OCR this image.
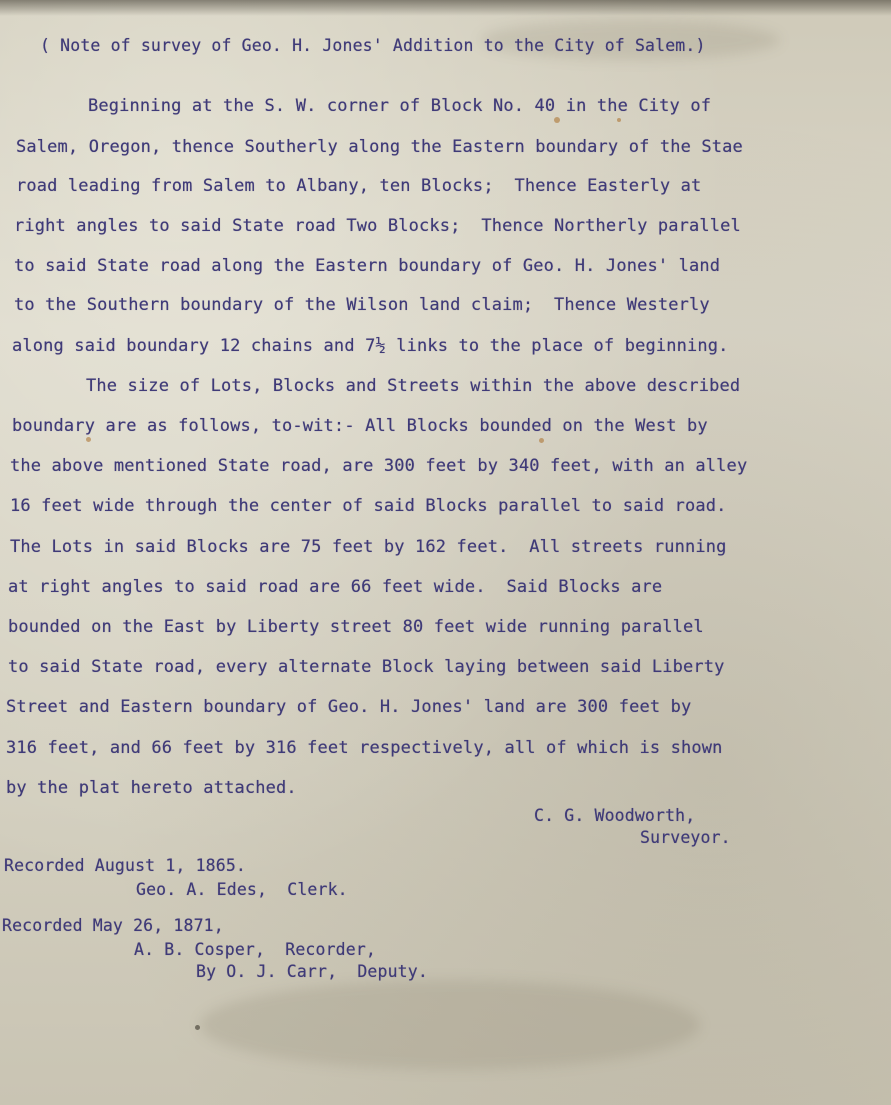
( Note of survey of Geo. H. Jones' Addition to the City of Salem.)
Beginning at the S. W. corner of Block No. 40 in the City of
Salem, Oregon, thence Southerly along the Eastern boundary of the Stae
road leading from Salem to Albany, ten Blocks;  Thence Easterly at
right angles to said State road Two Blocks;  Thence Northerly parallel
to said State road along the Eastern boundary of Geo. H. Jones' land
to the Southern boundary of the Wilson land claim;  Thence Westerly
along said boundary 12 chains and 7½ links to the place of beginning.
The size of Lots, Blocks and Streets within the above described
boundary are as follows, to-wit:- All Blocks bounded on the West by
the above mentioned State road, are 300 feet by 340 feet, with an alley
16 feet wide through the center of said Blocks parallel to said road.
The Lots in said Blocks are 75 feet by 162 feet.  All streets running
at right angles to said road are 66 feet wide.  Said Blocks are
bounded on the East by Liberty street 80 feet wide running parallel
to said State road, every alternate Block laying between said Liberty
Street and Eastern boundary of Geo. H. Jones' land are 300 feet by
316 feet, and 66 feet by 316 feet respectively, all of which is shown
by the plat hereto attached.
C. G. Woodworth,
Surveyor.
Recorded August 1, 1865.
Geo. A. Edes,  Clerk.
Recorded May 26, 1871,
A. B. Cosper,  Recorder,
By O. J. Carr,  Deputy.
